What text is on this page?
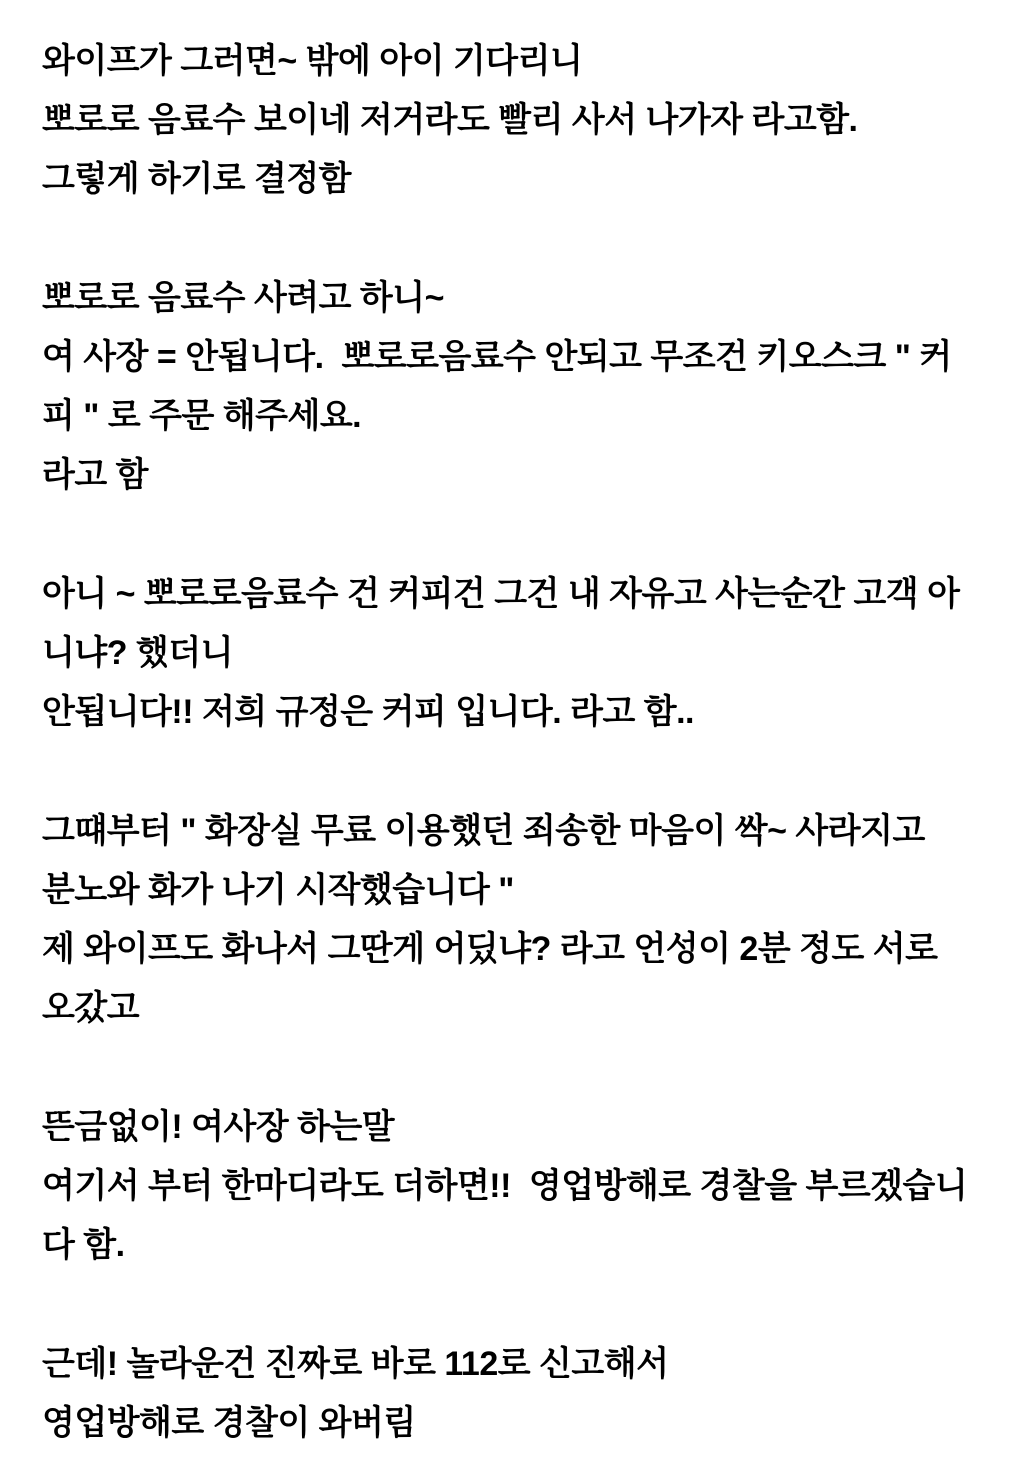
와이프가 그러면~ 밖에 아이 기다리니
뽀로로 음료수 보이네 저거라도 빨리 사서 나가자 라고함.
그렇게 하기로 결정함
뽀로로 음료수 사려고 하니~
여 사장 = 안됩니다.  뽀로로음료수 안되고 무조건 키오스크 " 커
피 " 로 주문 해주세요.
라고 함
아니 ~ 뽀로로음료수 건 커피건 그건 내 자유고 사는순간 고객 아
니냐? 했더니
안됩니다!! 저희 규정은 커피 입니다. 라고 함..
그떄부터 " 화장실 무료 이용했던 죄송한 마음이 싹~ 사라지고
분노와 화가 나기 시작했습니다 "
제 와이프도 화나서 그딴게 어딨냐? 라고 언성이 2분 정도 서로
오갔고
뜬금없이! 여사장 하는말
여기서 부터 한마디라도 더하면!!  영업방해로 경찰을 부르겠습니
다 함.
근데! 놀라운건 진짜로 바로 112로 신고해서
영업방해로 경찰이 와버림
